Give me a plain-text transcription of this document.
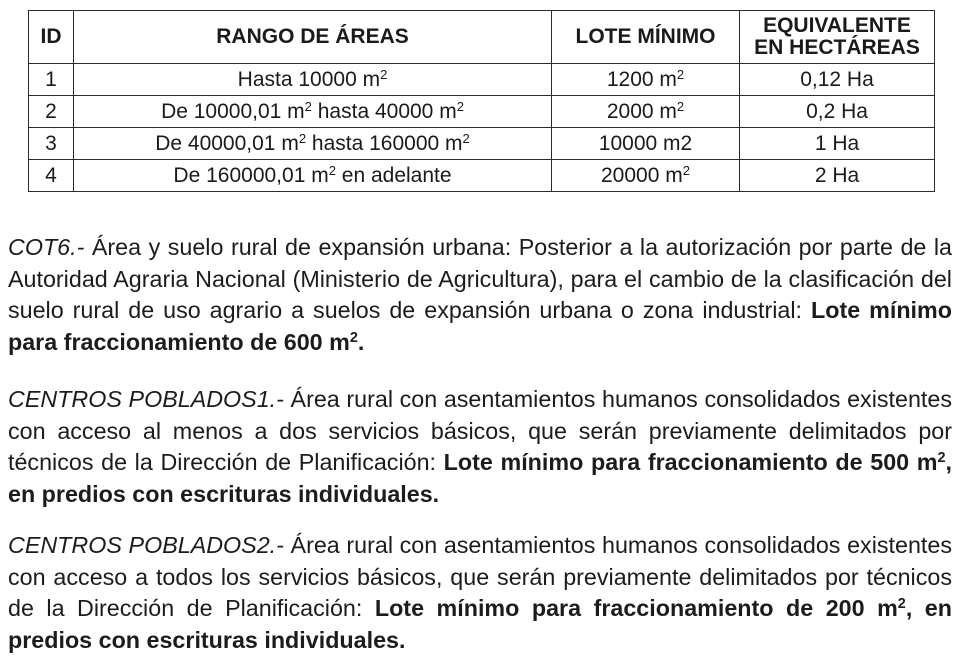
ID	RANGO DE ÁREAS	LOTE MÍNIMO	EQUIVALENTE
EN HECTÁREAS
1	Hasta 10000 $m^2$	1200 $m^2$	0,12 Ha
2	De 10000,01 $m^2$ hasta 40000 $m^2$	2000 $m^2$	0,2 Ha
3	De 40000,01 $m^2$ hasta 160000 $m^2$	10000 m2	1 Ha
4	De 160000,01 $m^2$ en adelante	20000 $m^2$	2 Ha

COT6.- Área y suelo rural de expansión urbana: Posterior a la autorización por parte de la Autoridad Agraria Nacional (Ministerio de Agricultura), para el cambio de la clasificación del suelo rural de uso agrario a suelos de expansión urbana o zona industrial: Lote mínimo para fraccionamiento de 600 $m^2$.

CENTROS POBLADOS1.- Área rural con asentamientos humanos consolidados existentes con acceso al menos a dos servicios básicos, que serán previamente delimitados por técnicos de la Dirección de Planificación: Lote mínimo para fraccionamiento de 500 $m^2$, en predios con escrituras individuales.

CENTROS POBLADOS2.- Área rural con asentamientos humanos consolidados existentes con acceso a todos los servicios básicos, que serán previamente delimitados por técnicos de la Dirección de Planificación: Lote mínimo para fraccionamiento de 200 $m^2$, en predios con escrituras individuales.
